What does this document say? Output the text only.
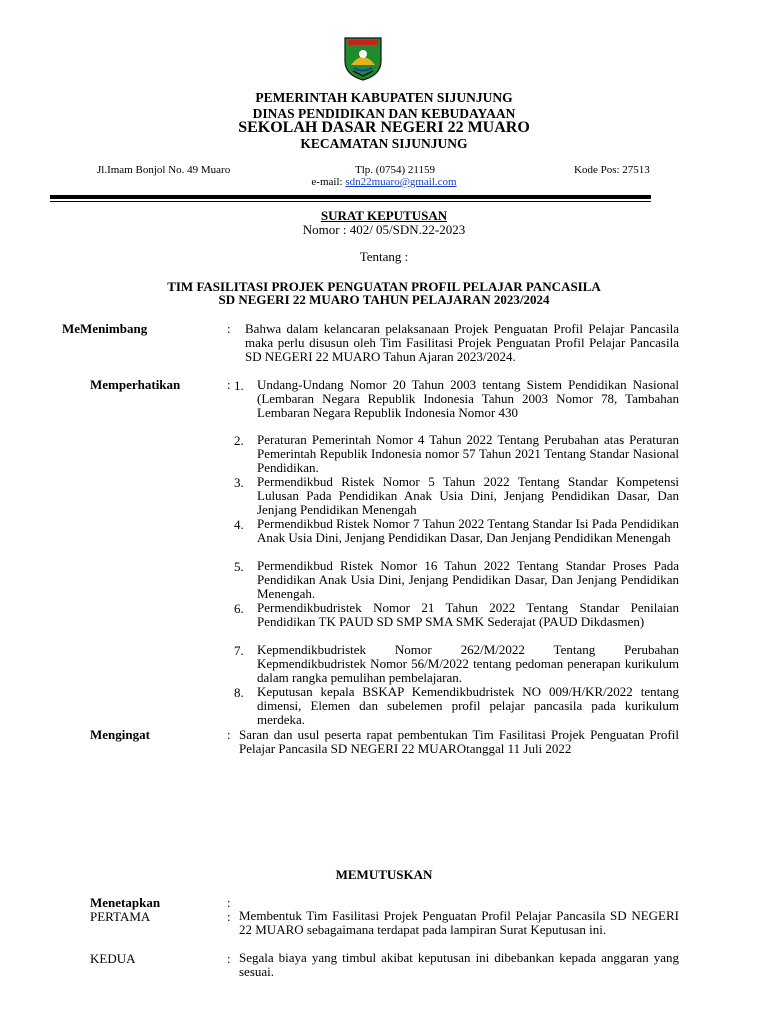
PEMERINTAH KABUPATEN SIJUNJUNG
DINAS PENDIDIKAN DAN KEBUDAYAAN
SEKOLAH DASAR NEGERI 22 MUARO
KECAMATAN SIJUNJUNG
Jl.Imam Bonjol No. 49 Muaro	Tlp. (0754) 21159	Kode Pos: 27513
e-mail: sdn22muaro@gmail.com
SURAT KEPUTUSAN
Nomor : 402/ 05/SDN.22-2023
Tentang :
TIM FASILITASI PROJEK PENGUATAN PROFIL PELAJAR PANCASILA
SD NEGERI 22 MUARO TAHUN PELAJARAN 2023/2024
MeMenimbang	: Bahwa dalam kelancaran pelaksanaan Projek Penguatan Profil Pelajar Pancasila maka perlu disusun oleh Tim Fasilitasi Projek Penguatan Profil Pelajar Pancasila SD NEGERI 22 MUARO Tahun Ajaran 2023/2024.
Memperhatikan	: 1. Undang-Undang Nomor 20 Tahun 2003 tentang Sistem Pendidikan Nasional (Lembaran Negara Republik Indonesia Tahun 2003 Nomor 78, Tambahan Lembaran Negara Republik Indonesia Nomor 430
2. Peraturan Pemerintah Nomor 4 Tahun 2022 Tentang Perubahan atas Peraturan Pemerintah Republik Indonesia nomor 57 Tahun 2021 Tentang Standar Nasional Pendidikan.
3. Permendikbud Ristek Nomor 5 Tahun 2022 Tentang Standar Kompetensi Lulusan Pada Pendidikan Anak Usia Dini, Jenjang Pendidikan Dasar, Dan Jenjang Pendidikan Menengah
4. Permendikbud Ristek Nomor 7 Tahun 2022 Tentang Standar Isi Pada Pendidikan Anak Usia Dini, Jenjang Pendidikan Dasar, Dan Jenjang Pendidikan Menengah
5. Permendikbud Ristek Nomor 16 Tahun 2022 Tentang Standar Proses Pada Pendidikan Anak Usia Dini, Jenjang Pendidikan Dasar, Dan Jenjang Pendidikan Menengah.
6. Permendikbudristek Nomor 21 Tahun 2022 Tentang Standar Penilaian Pendidikan TK PAUD SD SMP SMA SMK Sederajat (PAUD Dikdasmen)
7. Kepmendikbudristek Nomor 262/M/2022 Tentang Perubahan Kepmendikbudristek Nomor 56/M/2022 tentang pedoman penerapan kurikulum dalam rangka pemulihan pembelajaran.
8. Keputusan kepala BSKAP Kemendikbudristek NO 009/H/KR/2022 tentang dimensi, Elemen dan subelemen profil pelajar pancasila pada kurikulum merdeka.
Mengingat	: Saran dan usul peserta rapat pembentukan Tim Fasilitasi Projek Penguatan Profil Pelajar Pancasila SD NEGERI 22 MUAROtanggal 11 Juli 2022
MEMUTUSKAN
Menetapkan	:
PERTAMA	: Membentuk Tim Fasilitasi Projek Penguatan Profil Pelajar Pancasila SD NEGERI 22 MUARO sebagaimana terdapat pada lampiran Surat Keputusan ini.
KEDUA	: Segala biaya yang timbul akibat keputusan ini dibebankan kepada anggaran yang sesuai.
